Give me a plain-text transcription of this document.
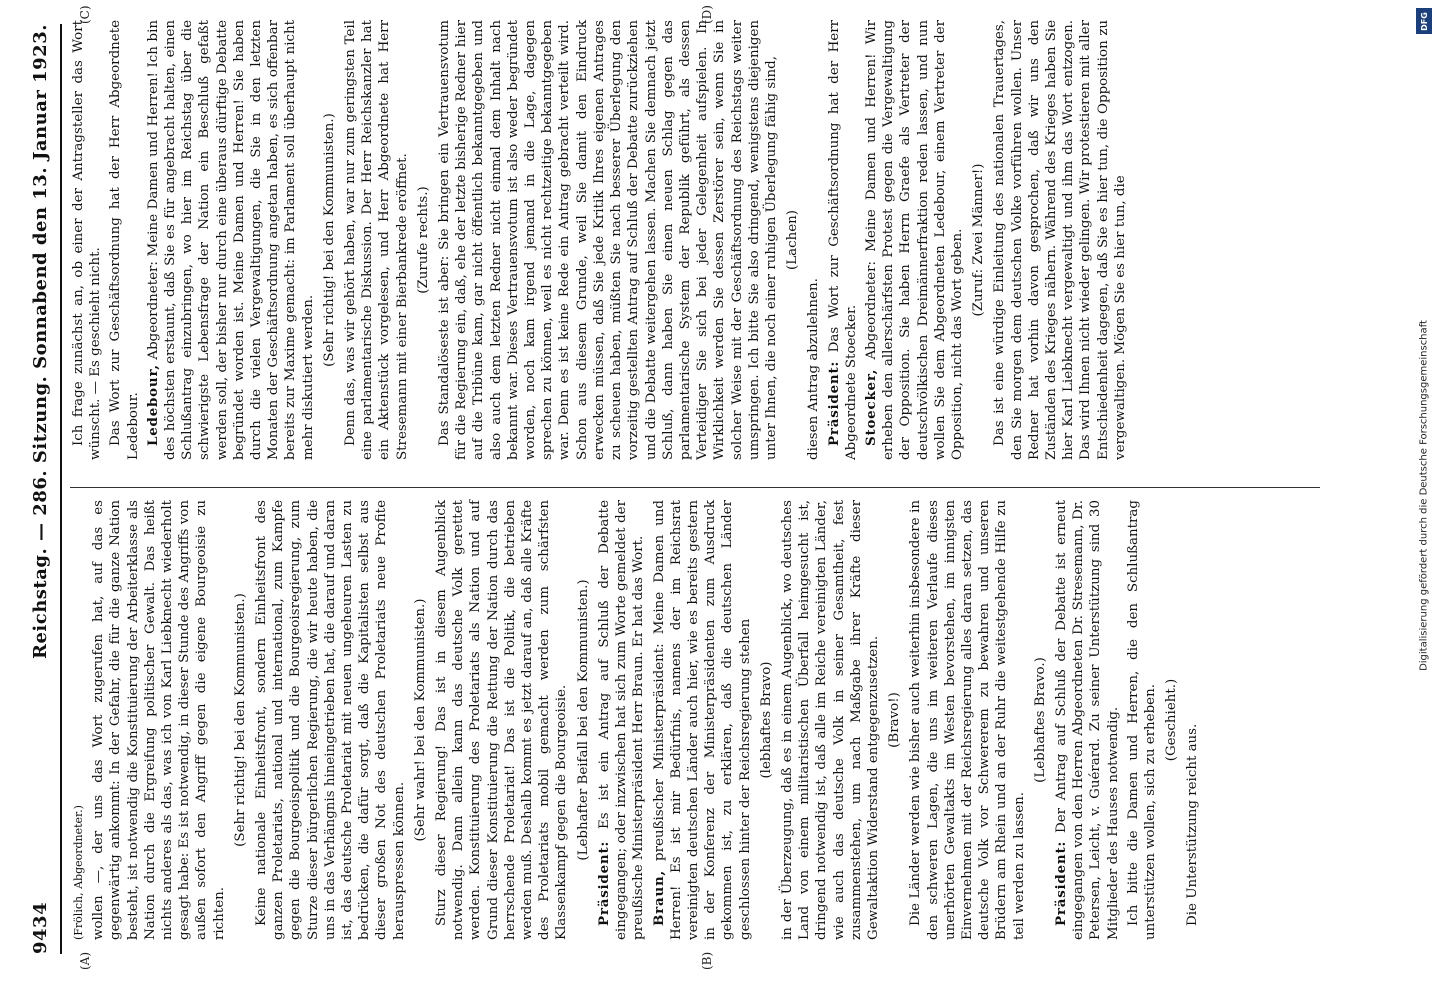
9434
Reichstag. — 286. Sitzung. Sonnabend den 13. Januar 1923.
(A)	(B)
(C)	(D)

(Frölich, Abgeordneter.) wollen —, der uns das Wort zugerufen hat, auf das es gegenwärtig ankommt: In der Gefahr, die für die ganze Nation besteht, ist notwendig die Konstituierung der Arbeiterklasse als Nation durch die Ergreifung politischer Gewalt. Das heißt nichts anderes als das, was ich von Karl Liebknecht wiederholt gesagt habe: Es ist notwendig, in dieser Stunde des Angriffs von außen sofort den Angriff gegen die eigene Bourgeoisie zu richten.

(Sehr richtig! bei den Kommunisten.) Keine nationale Einheitsfront, sondern Einheitsfront des ganzen Proletariats, national und international, zum Kampfe gegen die Bourgeoispolitik und die Bourgeoisregierung, zum Sturze dieser bürgerlichen Regierung, die wir heute haben, die uns in das Verhängnis hineingetrieben hat, die darauf und daran ist, das deutsche Proletariat mit neuen ungeheuren Lasten zu bedrücken, die dafür sorgt, daß die Kapitalisten selbst aus dieser großen Not des deutschen Proletariats neue Profite herauspressen können.

(Sehr wahr! bei den Kommunisten.) Sturz dieser Regierung! Das ist in diesem Augenblick notwendig. Dann allein kann das deutsche Volk gerettet werden. Konstituierung des Proletariats als Nation und auf Grund dieser Konstituierung die Rettung der Nation durch das herrschende Proletariat! Das ist die Politik, die betrieben werden muß. Deshalb kommt es jetzt darauf an, daß alle Kräfte des Proletariats mobil gemacht werden zum schärfsten Klassenkampf gegen die Bourgeoisie. (Lebhafter Beifall bei den Kommunisten.)

Präsident: Es ist ein Antrag auf Schluß der Debatte eingegangen; oder inzwischen hat sich zum Worte gemeldet der preußische Ministerpräsident Herr Braun. Er hat das Wort. Braun, preußischer Ministerpräsident: Meine Damen und Herren! Es ist mir Bedürfnis, namens der im Reichsrat vereinigten deutschen Länder auch hier, wie es bereits gestern in der Konferenz der Ministerpräsidenten zum Ausdruck gekommen ist, zu erklären, daß die deutschen Länder geschlossen hinter der Reichsregierung stehen (lebhaftes Bravo) in der Überzeugung, daß es in einem Augenblick, wo deutsches Land von einem militaristischen Überfall heimgesucht ist, dringend notwendig ist, daß alle im Reiche vereinigten Länder, wie auch das deutsche Volk in seiner Gesamtheit, fest zusammenstehen, um nach Maßgabe ihrer Kräfte dieser Gewaltaktion Widerstand entgegenzusetzen. (Bravo!) Die Länder werden wie bisher auch weiterhin insbesondere in den schweren Lagen, die uns im weiteren Verlaufe dieses unerhörten Gewaltakts im Westen bevorstehen, im innigsten Einvernehmen mit der Reichsregierung alles daran setzen, das deutsche Volk vor Schwererem zu bewahren und unseren Brüdern am Rhein und an der Ruhr die weitestgehende Hilfe zu teil werden zu lassen.

(Lebhaftes Bravo.)

Präsident: Der Antrag auf Schluß der Debatte ist erneut eingegangen von den Herren Abgeordneten Dr. Stresemann, Dr. Petersen, Leicht, v. Guérard. Zu seiner Unterstützung sind 30 Mitglieder des Hauses notwendig. Ich bitte die Damen und Herren, die den Schlußantrag unterstützen wollen, sich zu erheben. (Geschieht.)

Die Unterstützung reicht aus.

Ich frage zunächst an, ob einer der Antragsteller das Wort wünscht. — Es geschieht nicht. Das Wort zur Geschäftsordnung hat der Herr Abgeordnete Ledebour. Ledebour, Abgeordneter: Meine Damen und Herren! Ich bin des höchsten erstaunt, daß Sie es für angebracht halten, einen Schlußantrag einzubringen, wo hier im Reichstag über die schwierigste Lebensfrage der Nation ein Beschluß gefaßt werden soll, der bisher nur durch eine überaus dürftige Debatte begründet worden ist. Meine Damen und Herren! Sie haben durch die vielen Vergewaltigungen, die Sie in den letzten Monaten der Geschäftsordnung angetan haben, es sich offenbar bereits zur Maxime gemacht: im Parlament soll überhaupt nicht mehr diskutiert werden.

(Sehr richtig! bei den Kommunisten.) Denn das, was wir gehört haben, war nur zum geringsten Teil eine parlamentarische Diskussion. Der Herr Reichskanzler hat ein Aktenstück vorgelesen, und Herr Abgeordnete hat Herr Stresemann mit einer Bierbankrede eröffnet. (Zurufe rechts.) Das Standalöseste ist aber: Sie bringen ein Vertrauensvotum für die Regierung ein, daß, ehe der letzte bisherige Redner hier auf die Tribüne kam, gar nicht öffentlich bekanntgegeben und also auch dem letzten Redner nicht einmal dem Inhalt nach bekannt war. Dieses Vertrauensvotum ist also weder begründet worden, noch kam irgend jemand in die Lage, dagegen sprechen zu können, weil es nicht rechtzeitige bekanntgegeben war. Denn es ist keine Rede ein Antrag gebracht verteilt wird. Schon aus diesem Grunde, weil Sie damit den Eindruck erwecken müssen, daß Sie jede Kritik Ihres eigenen Antrages zu scheuen haben, müßten Sie nach besserer Überlegung den vorzeitig gestellten Antrag auf Schluß der Debatte zurückziehen und die Debatte weitergehen lassen. Machen Sie demnach jetzt Schluß, dann haben Sie einen neuen Schlag gegen das parlamentarische System der Republik geführt, als dessen Verteidiger Sie sich bei jeder Gelegenheit aufspielen. In Wirklichkeit werden Sie dessen Zerstörer sein, wenn Sie in solcher Weise mit der Geschäftsordnung des Reichstags weiter umspringen. Ich bitte Sie also dringend, wenigstens diejenigen unter Ihnen, die noch einer ruhigen Überlegung fähig sind, (Lachen)

diesen Antrag abzulehnen. Präsident: Das Wort zur Geschäftsordnung hat der Herr Abgeordnete Stoecker. Stoecker, Abgeordneter: Meine Damen und Herren! Wir erheben den allerschärfsten Protest gegen die Vergewaltigung der Opposition. Sie haben Herrn Graefe als Vertreter der deutschvölkischen Dreimännerfraktion reden lassen, und nun wollen Sie dem Abgeordneten Ledebour, einem Vertreter der Opposition, nicht das Wort geben. (Zuruf: Zwei Männer!) Das ist eine würdige Einleitung des nationalen Trauertages, den Sie morgen dem deutschen Volke vorführen wollen. Unser Redner hat vorhin davon gesprochen, daß wir uns den Zuständen des Krieges nähern. Während des Krieges haben Sie hier Karl Liebknecht vergewaltigt und ihm das Wort entzogen. Das wird Ihnen nicht wieder gelingen. Wir protestieren mit aller Entschiedenheit dagegen, daß Sie es hier tun, die Opposition zu vergewaltigen. Mögen Sie es hier tun, die

DFG
Digitalisierung gefördert durch die Deutsche Forschungsgemeinschaft
